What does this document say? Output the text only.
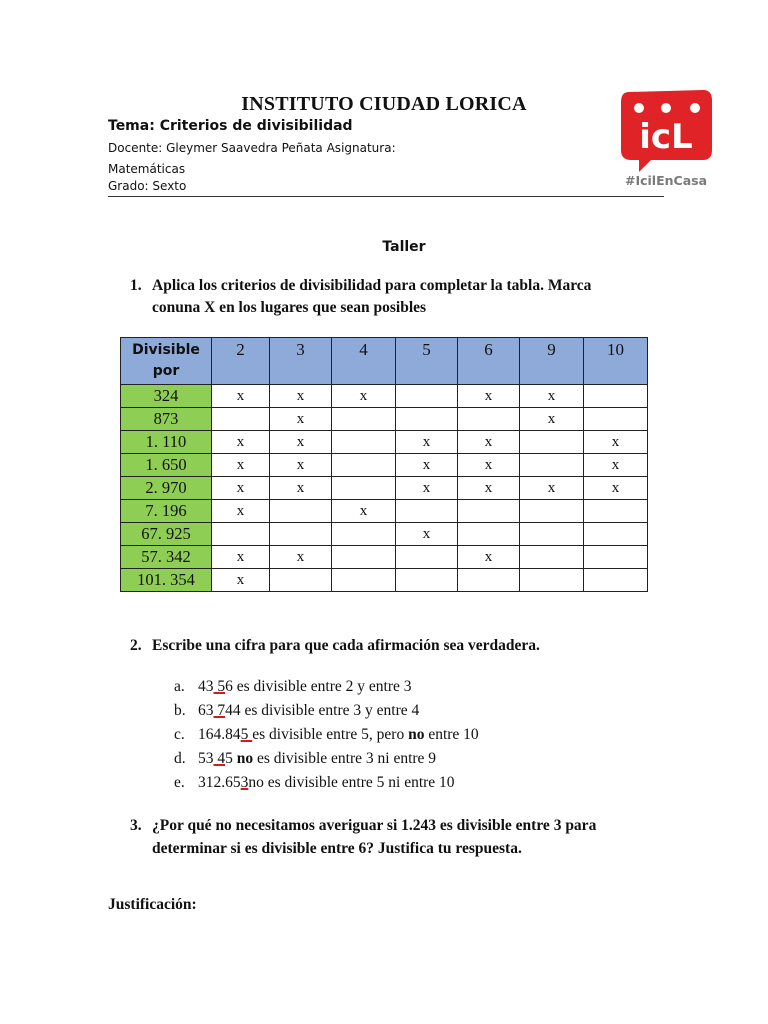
INSTITUTO CIUDAD LORICA
Tema: Criterios de divisibilidad
Docente: Gleymer Saavedra Peñata Asignatura:
Matemáticas
Grado: Sexto
icL
#IcilEnCasa
Taller
1. Aplica los criterios de divisibilidad para completar la tabla. Marca
conuna X en los lugares que sean posibles
Divisible
por	2	3	4	5	6	9	10
324	x	x	x		x	x	
873		x				x	
1. 110	x	x		x	x		x
1. 650	x	x		x	x		x
2. 970	x	x		x	x	x	x
7. 196	x		x				
67. 925				x			
57. 342	x	x			x		
101. 354	x						
2. Escribe una cifra para que cada afirmación sea verdadera.
a. 43 56 es divisible entre 2 y entre 3
b. 63 744 es divisible entre 3 y entre 4
c. 164.845 es divisible entre 5, pero no entre 10
d. 53 45 no es divisible entre 3 ni entre 9
e. 312.653no es divisible entre 5 ni entre 10
3. ¿Por qué no necesitamos averiguar si 1.243 es divisible entre 3 para
determinar si es divisible entre 6? Justifica tu respuesta.
Justificación:
